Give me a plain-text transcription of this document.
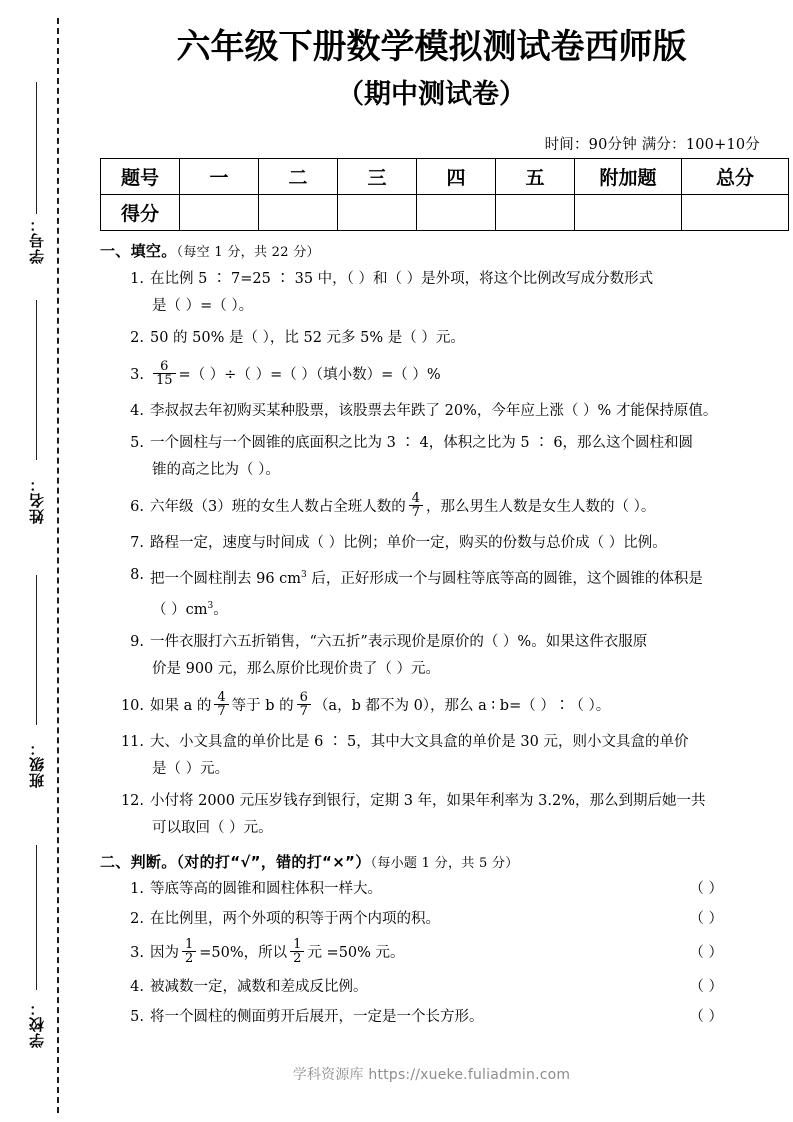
学号：
姓名：
班级：
学校：
六年级下册数学模拟测试卷西师版
（期中测试卷）
时间：90分钟 满分：100+10分
题号	一	二	三	四	五	附加题	总分
得分							
一、填空。（每空 1 分，共 22 分）
1. 在比例 5 ∶ 7=25 ∶ 35 中，（ ）和（ ）是外项，将这个比例改写成分数形式
是（ ）=（ ）。
2. 50 的 50% 是（ ），比 52 元多 5% 是（ ）元。
3. $\frac{6}{15}$ =（ ）÷（ ）=（ ）（填小数）=（ ）%
4. 李叔叔去年初购买某种股票，该股票去年跌了 20%，今年应上涨（ ）% 才能保持原值。
5. 一个圆柱与一个圆锥的底面积之比为 3 ∶ 4，体积之比为 5 ∶ 6，那么这个圆柱和圆
锥的高之比为（ ）。
6. 六年级（3）班的女生人数占全班人数的 $\frac{4}{7}$ ，那么男生人数是女生人数的（ ）。
7. 路程一定，速度与时间成（ ）比例；单价一定，购买的份数与总价成（ ）比例。
8. 把一个圆柱削去 96 $cm^3$ 后，正好形成一个与圆柱等底等高的圆锥，这个圆锥的体积是
（ ）$cm^3$。
9. 一件衣服打六五折销售，“六五折”表示现价是原价的（ ）%。如果这件衣服原
价是 900 元，那么原价比现价贵了（ ）元。
10. 如果 a 的 $\frac{4}{7}$ 等于 b 的 $\frac{6}{7} (a$，b 都不为 0），那么 a ∶ b=（ ）∶（ ）。
11. 大、小文具盒的单价比是 6 ∶ 5，其中大文具盒的单价是 30 元，则小文具盒的单价
是（ ）元。
12. 小付将 2000 元压岁钱存到银行，定期 3 年，如果年利率为 3.2%，那么到期后她一共
可以取回（ ）元。
二、判断。（对的打“√”，错的打“×”）（每小题 1 分，共 5 分）
1. 等底等高的圆锥和圆柱体积一样大。	（ ）
2. 在比例里，两个外项的积等于两个内项的积。	（ ）
3. 因为 $\frac{1}{2} =50\%$，所以 $\frac{1}{2}$ 元 =50% 元。	（ ）
4. 被减数一定，减数和差成反比例。	（ ）
5. 将一个圆柱的侧面剪开后展开，一定是一个长方形。	（ ）
学科资源库 https://xueke.fuliadmin.com
